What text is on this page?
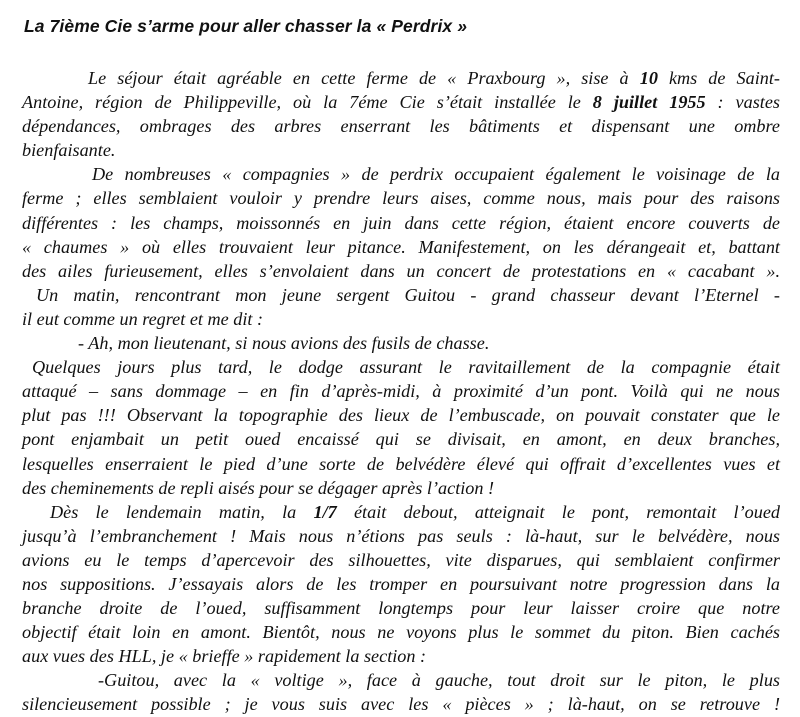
La 7ième Cie s’arme pour aller chasser la « Perdrix »
Le séjour était agréable en cette ferme de « Praxbourg », sise à 10 kms de Saint-
Antoine, région de Philippeville, où la 7éme Cie s’était installée le 8 juillet 1955 : vastes
dépendances, ombrages des arbres enserrant les bâtiments et dispensant une ombre
bienfaisante.
De nombreuses « compagnies » de perdrix occupaient également le voisinage de la
ferme ; elles semblaient vouloir y prendre leurs aises, comme nous, mais pour des raisons
différentes : les champs, moissonnés en juin dans cette région, étaient encore couverts de
« chaumes » où elles trouvaient leur pitance. Manifestement, on les dérangeait et, battant
des ailes furieusement, elles s’envolaient dans un concert de protestations en « cacabant ».
Un matin, rencontrant mon jeune sergent Guitou - grand chasseur devant l’Eternel -
il eut comme un regret et me dit :
- Ah, mon lieutenant, si nous avions des fusils de chasse.
Quelques jours plus tard, le dodge assurant le ravitaillement de la compagnie était
attaqué – sans dommage – en fin d’après-midi, à proximité d’un pont. Voilà qui ne nous
plut pas !!! Observant la topographie des lieux de l’embuscade, on pouvait constater que le
pont enjambait un petit oued encaissé qui se divisait, en amont, en deux branches,
lesquelles enserraient le pied d’une sorte de belvédère élevé qui offrait d’excellentes vues et
des cheminements de repli aisés pour se dégager après l’action !
Dès le lendemain matin, la 1/7 était debout, atteignait le pont, remontait l’oued
jusqu’à l’embranchement ! Mais nous n’étions pas seuls : là-haut, sur le belvédère, nous
avions eu le temps d’apercevoir des silhouettes, vite disparues, qui semblaient confirmer
nos suppositions. J’essayais alors de les tromper en poursuivant notre progression dans la
branche droite de l’oued, suffisamment longtemps pour leur laisser croire que notre
objectif était loin en amont. Bientôt, nous ne voyons plus le sommet du piton. Bien cachés
aux vues des HLL, je « brieffe » rapidement la section :
-Guitou, avec la « voltige », face à gauche, tout droit sur le piton, le plus
silencieusement possible ; je vous suis avec les « pièces » ; là-haut, on se retrouve !
